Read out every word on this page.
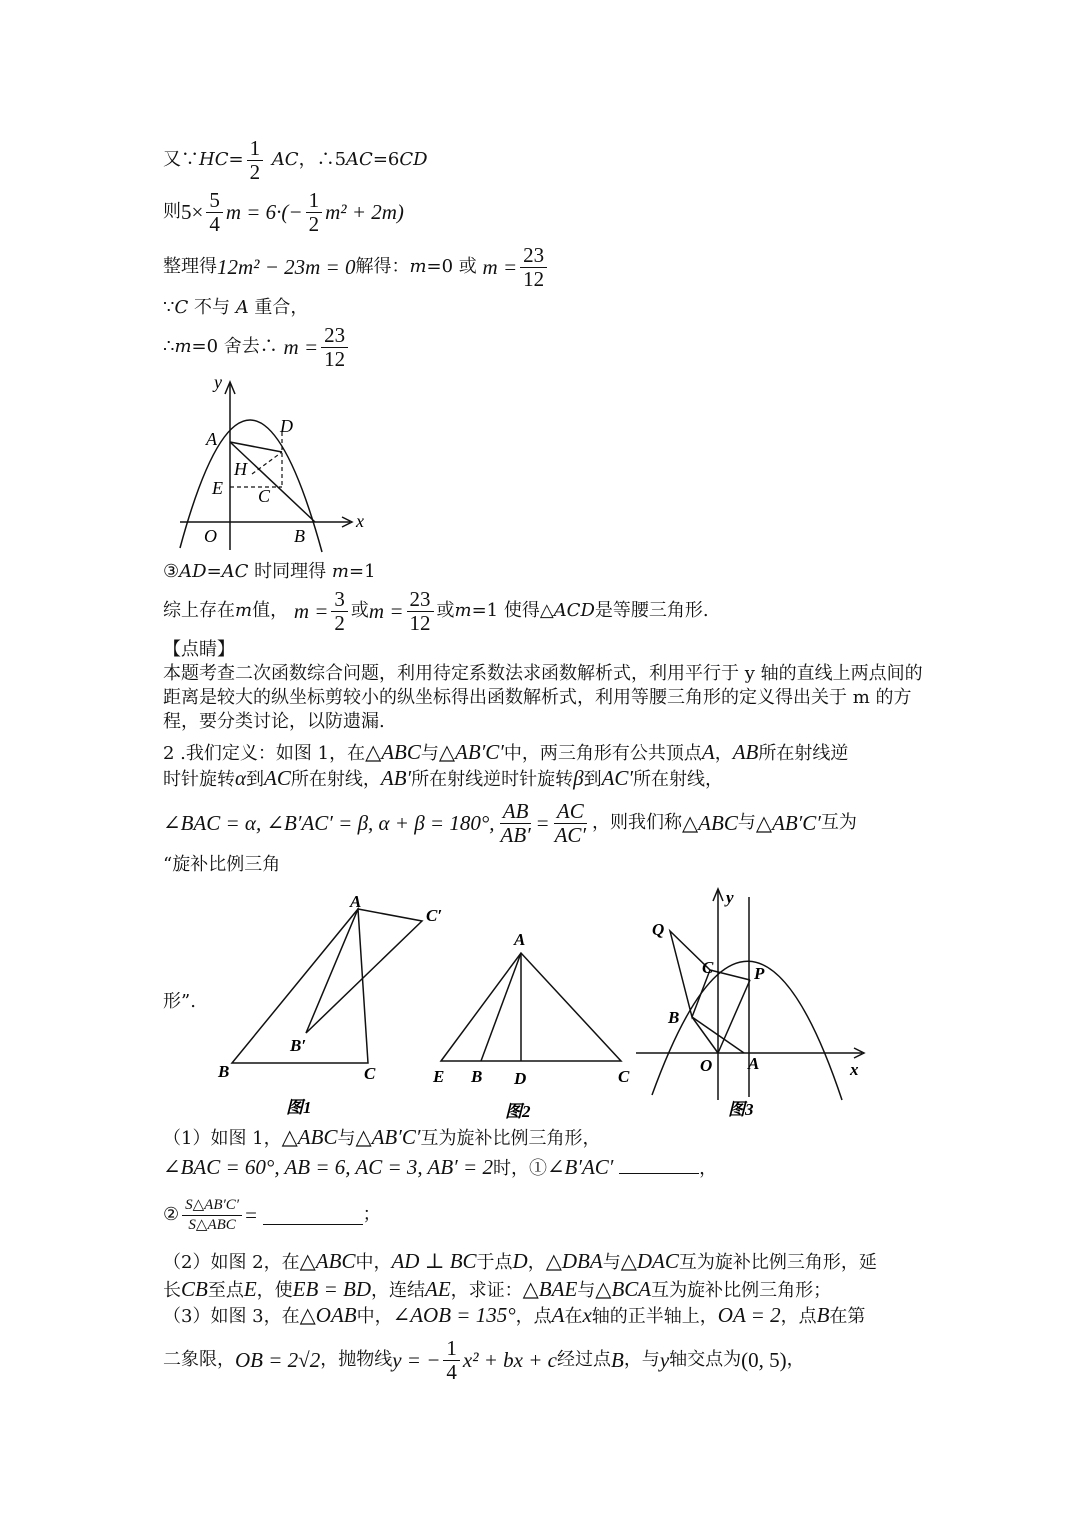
又∵ HC = $\frac{1}{2}$
AC ，∴5 AC =6 CD
则 $5\times \frac{5}{4}$ $m = 6\cdot(- \frac{1}{2} m^2 + 2m)$
整理得 12m² − 23m = 0 解得： m =0 或
$m = \frac{23}{12}$
∵C 不与 A 重合，
∴ m =0 舍去∴
$m = \frac{23}{12}$
y
x
A
D
H
E C
O	B
③AD=AC 时同理得 m=1
综上存在 m 值，
$m = \frac{3}{2}$ 或 $m = \frac{23}{12}$ 或 m =1 使得△ ACD 是等腰三角形.
【点睛】
本题考查二次函数综合问题，利用待定系数法求函数解析式，利用平行于 y 轴的直线上两点间的距离是较大的纵坐标剪较小的纵坐标得出函数解析式，利用等腰三角形的定义得出关于 m 的方程，要分类讨论，以防遗漏.
2 .我们定义：如图 1，在△ABC与△AB′C′中，两三角形有公共顶点A，AB所在射线逆
时针旋转α到AC所在射线，AB′所在射线逆时针旋转β到AC′所在射线，
∠BAC = α, ∠B′AC′ = β, α + β = 180°, $\frac{AB}{AB'} = \frac{AC}{AC'}$ ，则我们称 △ABC 与 △AB′C′ 互为
“旋补比例三角
形”.
A
C′
B′
B	C
图1
A
E B D	C
图2
y
Q
C P
B
O A	x
图3
（1）如图 1，△ABC与△AB′C′互为旋补比例三角形，
∠BAC = 60°, AB = 6, AC = 3, AB′ = 2时，①∠B′AC′	，
② $\frac{S\triangle AB'C'}{\text{S△ABC}}$ =
	；
（2）如图 2，在△ABC中，AD ⊥ BC于点D，△DBA与△DAC互为旋补比例三角形，延
长CB至点E，使EB = BD，连结AE，求证：△BAE与△BCA互为旋补比例三角形；
（3）如图 3，在△OAB中，∠AOB = 135°，点A在x轴的正半轴上，OA = 2，点B在第
二象限， OB = 2√2 ，抛物线 y = − $\frac{1}{4} x^2$ + bx + c 经过点 B ，与 y 轴交点为 (0, 5) ，
